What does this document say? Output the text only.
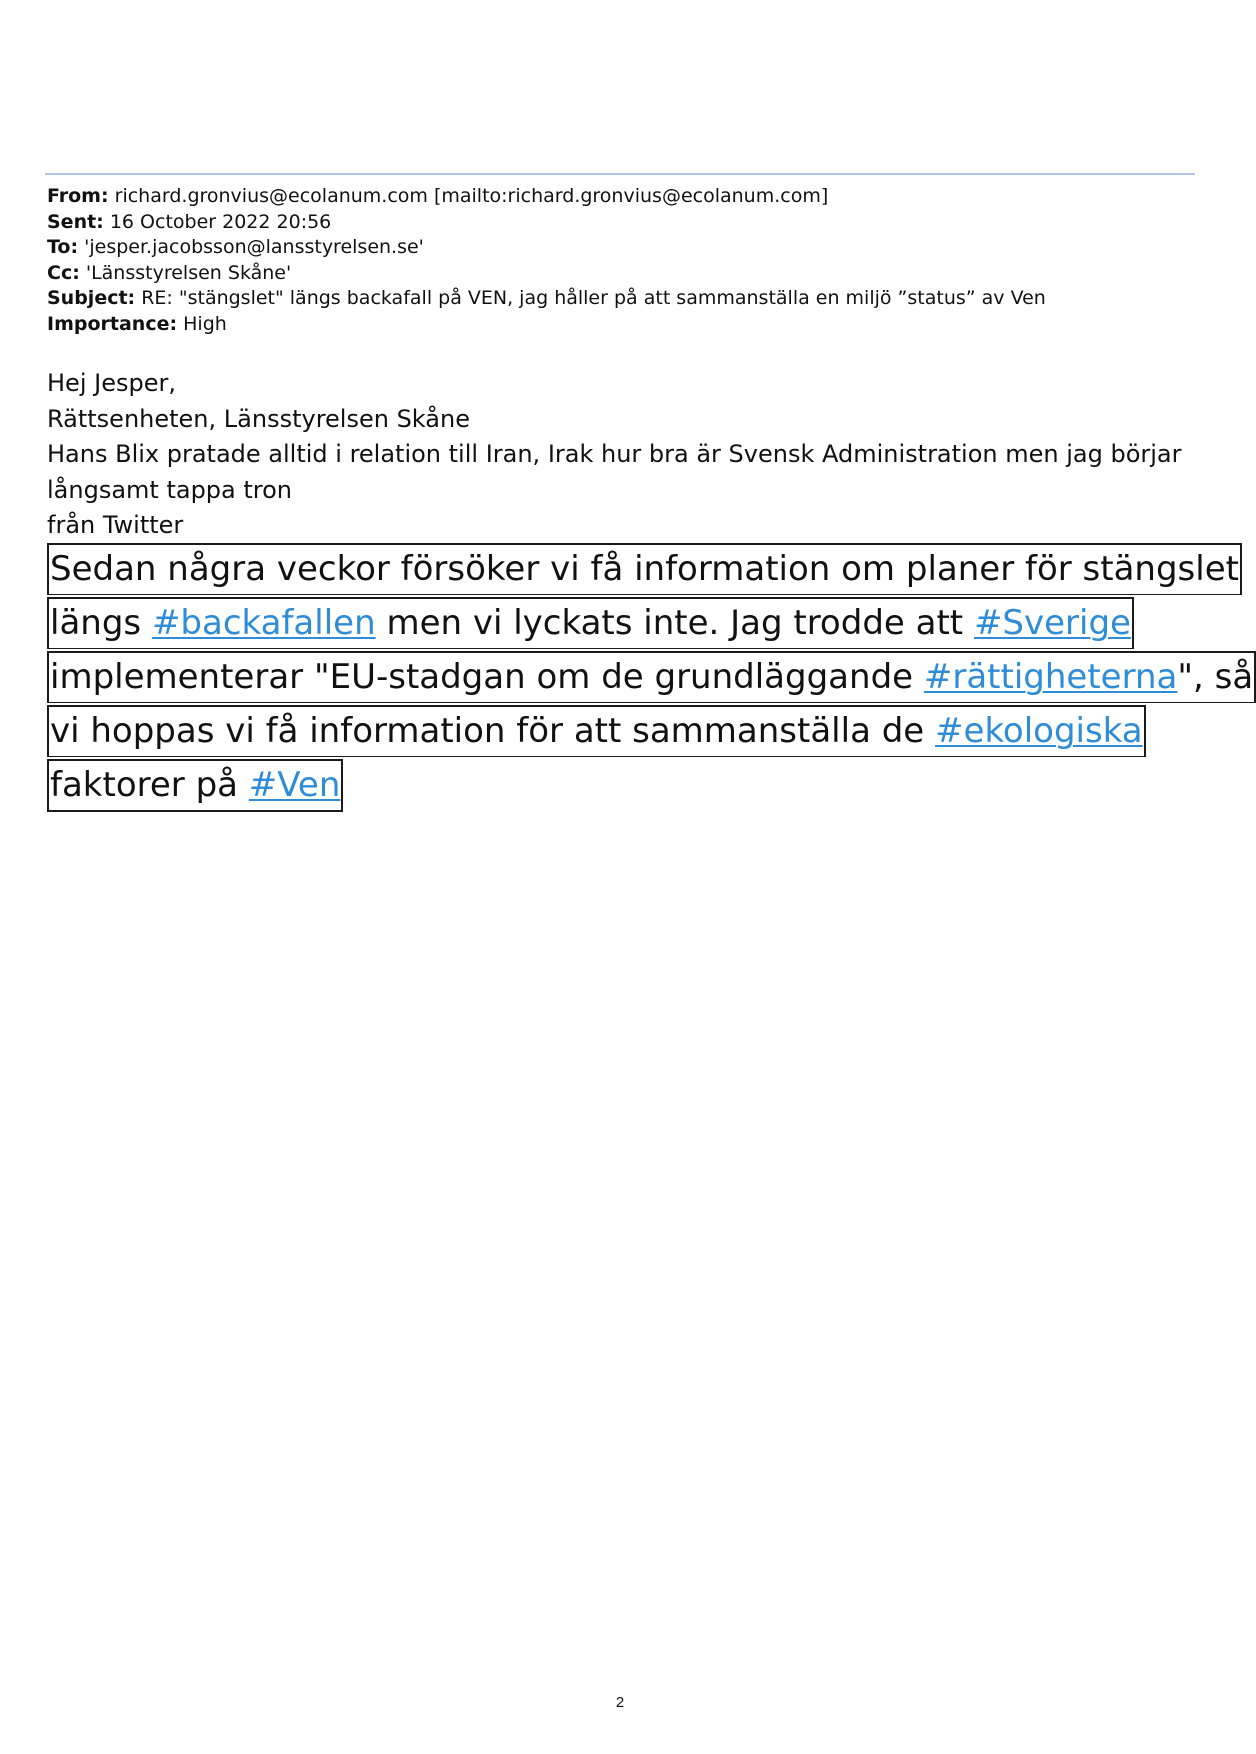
From: richard.gronvius@ecolanum.com [mailto:richard.gronvius@ecolanum.com]
Sent: 16 October 2022 20:56
To: 'jesper.jacobsson@lansstyrelsen.se'
Cc: 'Länsstyrelsen Skåne'
Subject: RE: "stängslet" längs backafall på VEN, jag håller på att sammanställa en miljö ”status” av Ven
Importance: High
Hej Jesper,
Rättsenheten, Länsstyrelsen Skåne
Hans Blix pratade alltid i relation till Iran, Irak hur bra är Svensk Administration men jag börjar
långsamt tappa tron
från Twitter
Sedan några veckor försöker vi få information om planer för stängslet
längs #backafallen men vi lyckats inte. Jag trodde att #Sverige
implementerar "EU-stadgan om de grundläggande #rättigheterna", så
vi hoppas vi få information för att sammanställa de #ekologiska
faktorer på #Ven
2
